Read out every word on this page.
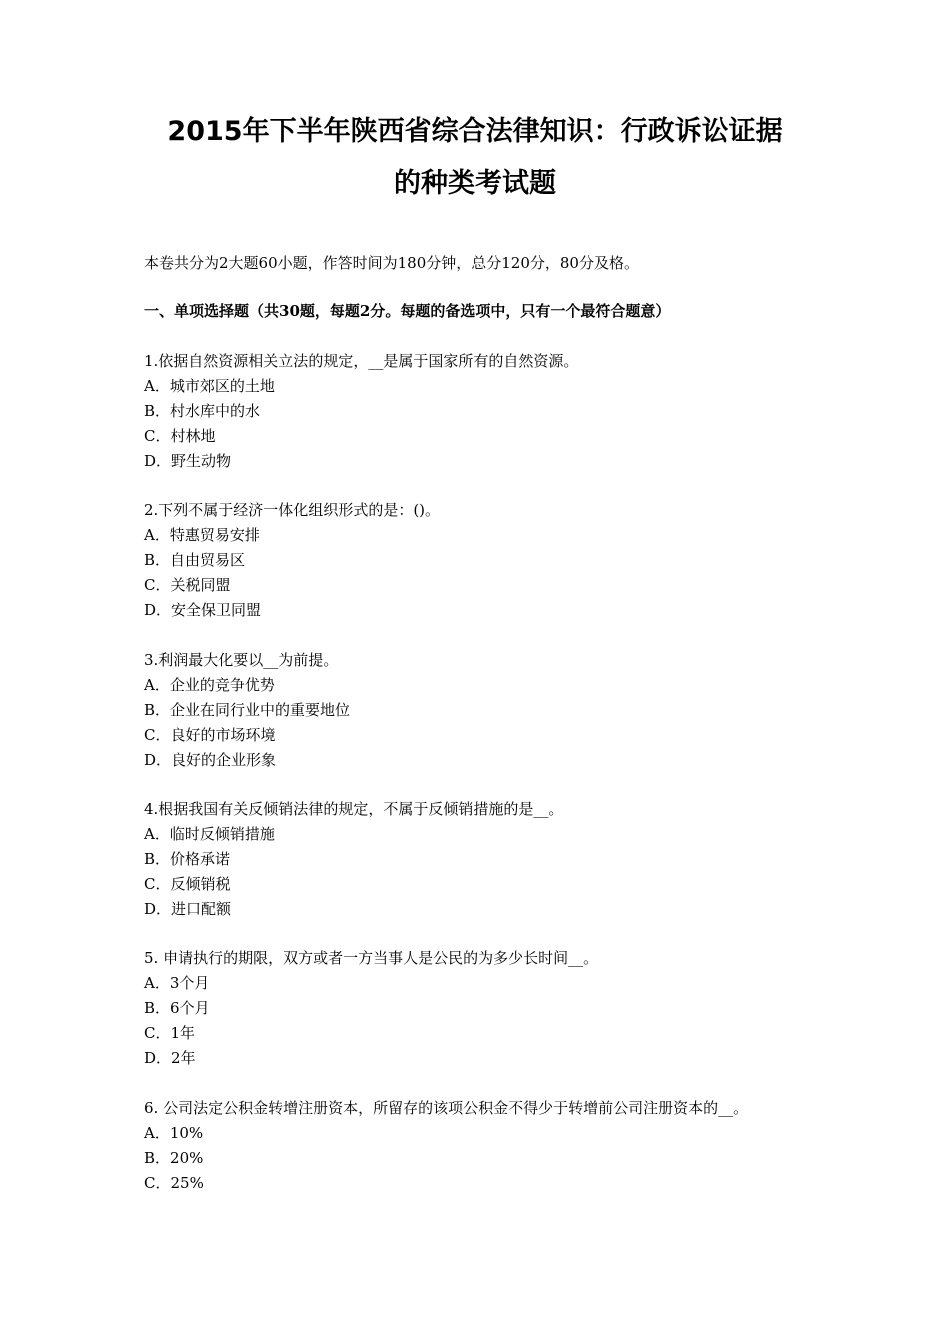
2015年下半年陕西省综合法律知识：行政诉讼证据
的种类考试题
本卷共分为2大题60小题，作答时间为180分钟，总分120分，80分及格。
一、单项选择题（共30题，每题2分。每题的备选项中，只有一个最符合题意）
1.依据自然资源相关立法的规定，__是属于国家所有的自然资源。
A．城市郊区的土地
B．村水库中的水
C．村林地
D．野生动物
2.下列不属于经济一体化组织形式的是：()。
A．特惠贸易安排
B．自由贸易区
C．关税同盟
D．安全保卫同盟
3.利润最大化要以__为前提。
A．企业的竞争优势
B．企业在同行业中的重要地位
C．良好的市场环境
D．良好的企业形象
4.根据我国有关反倾销法律的规定，不属于反倾销措施的是__。
A．临时反倾销措施
B．价格承诺
C．反倾销税
D．进口配额
5. 申请执行的期限，双方或者一方当事人是公民的为多少长时间__。
A．3个月
B．6个月
C．1年
D．2年
6. 公司法定公积金转增注册资本，所留存的该项公积金不得少于转增前公司注册资本的__。
A．10%
B．20%
C．25%
